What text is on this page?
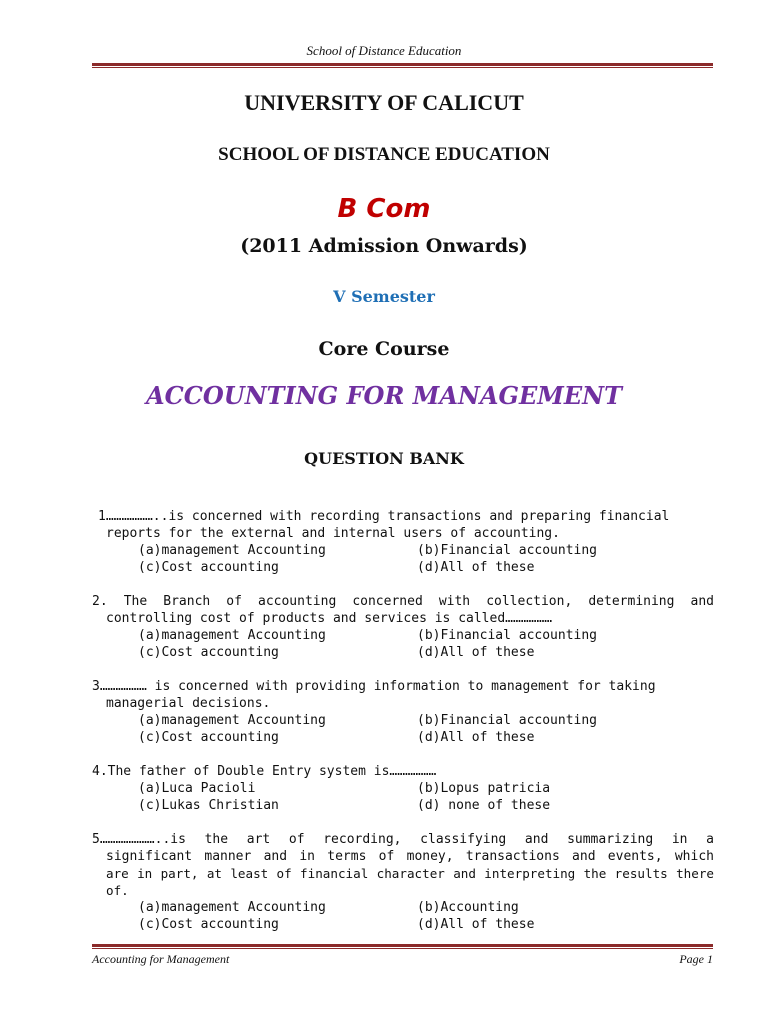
School of Distance Education
UNIVERSITY OF CALICUT
SCHOOL OF DISTANCE EDUCATION
B Com
(2011 Admission Onwards)
V Semester
Core Course
ACCOUNTING FOR MANAGEMENT
QUESTION BANK
1………………..is concerned with recording transactions and preparing financial
reports for the external and internal users of accounting.
(a)management Accounting	(b)Financial accounting
(c)Cost accounting	(d)All of these
2. The Branch of accounting concerned with collection, determining and
controlling cost of products and services is called………………
(a)management Accounting	(b)Financial accounting
(c)Cost accounting	(d)All of these
3……………… is concerned with providing information to management for taking
managerial decisions.
(a)management Accounting	(b)Financial accounting
(c)Cost accounting	(d)All of these
4.The father of Double Entry system is………………
(a)Luca Pacioli	(b)Lopus patricia
(c)Lukas Christian	(d) none of these
5…………………..is the art of recording, classifying and summarizing in a
significant manner and in terms of money, transactions and events, which
are in part, at least of financial character and interpreting the results there of.
(a)management Accounting	(b)Accounting
(c)Cost accounting	(d)All of these
Accounting for Management	Page 1
